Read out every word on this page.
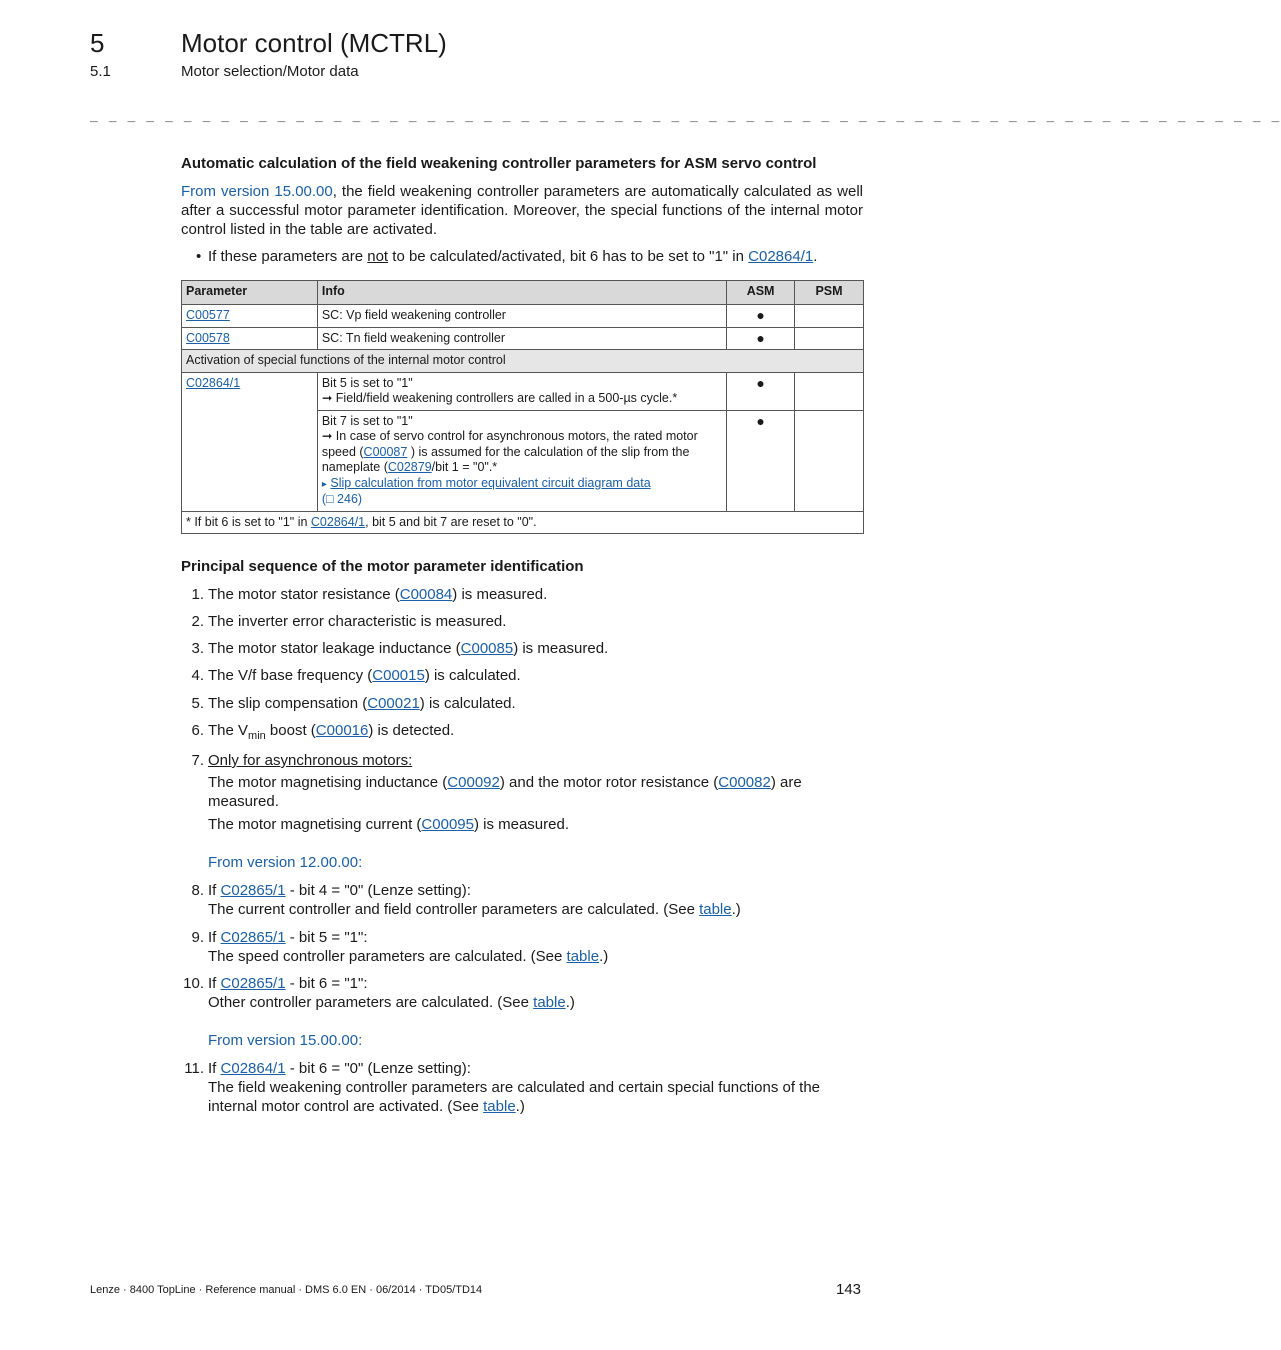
5	Motor control (MCTRL)
5.1	Motor selection/Motor data
_ _ _ _ _ _ _ _ _ _ _ _ _ _ _ _ _ _ _ _ _ _ _ _ _ _ _ _ _ _ _ _ _ _ _ _ _ _ _ _ _ _ _ _ _ _ _ _ _ _ _ _ _ _ _ _ _ _ _ _ _ _ _ _
Automatic calculation of the field weakening controller parameters for ASM servo control
From version 15.00.00, the field weakening controller parameters are automatically calculated as well after a successful motor parameter identification. Moreover, the special functions of the internal motor control listed in the table are activated.
• If these parameters are not to be calculated/activated, bit 6 has to be set to "1" in C02864/1.
Parameter	Info	ASM	PSM
C00577	SC: Vp field weakening controller	●	
C00578	SC: Tn field weakening controller	●	
Activation of special functions of the internal motor control			
C02864/1	Bit 5 is set to "1"
➞ Field/field weakening controllers are called in a 500-µs cycle.*	●	

	Bit 7 is set to "1"
➞ In case of servo control for asynchronous motors, the rated motor speed (C00087 ) is assumed for the calculation of the slip from the nameplate (C02879/bit 1 = "0".*
▸ Slip calculation from motor equivalent circuit diagram data
(□ 246)	●	
* If bit 6 is set to "1" in C02864/1, bit 5 and bit 7 are reset to "0".			
Principal sequence of the motor parameter identification
1. The motor stator resistance (C00084) is measured.
2. The inverter error characteristic is measured.
3. The motor stator leakage inductance (C00085) is measured.
4. The V/f base frequency (C00015) is calculated.
5. The slip compensation (C00021) is calculated.
6. The $V_{min}$ boost (C00016) is detected.
7. Only for asynchronous motors:
The motor magnetising inductance (C00092) and the motor rotor resistance (C00082) are measured.
The motor magnetising current (C00095) is measured.
From version 12.00.00:
8. If C02865/1 - bit 4 = "0" (Lenze setting):
The current controller and field controller parameters are calculated. (See table.)
9. If C02865/1 - bit 5 = "1":
The speed controller parameters are calculated. (See table.)
10. If C02865/1 - bit 6 = "1":
Other controller parameters are calculated. (See table.)
From version 15.00.00:
11. If C02864/1 - bit 6 = "0" (Lenze setting):
The field weakening controller parameters are calculated and certain special functions of the internal motor control are activated. (See table.)
Lenze · 8400 TopLine · Reference manual · DMS 6.0 EN · 06/2014 · TD05/TD14	143
